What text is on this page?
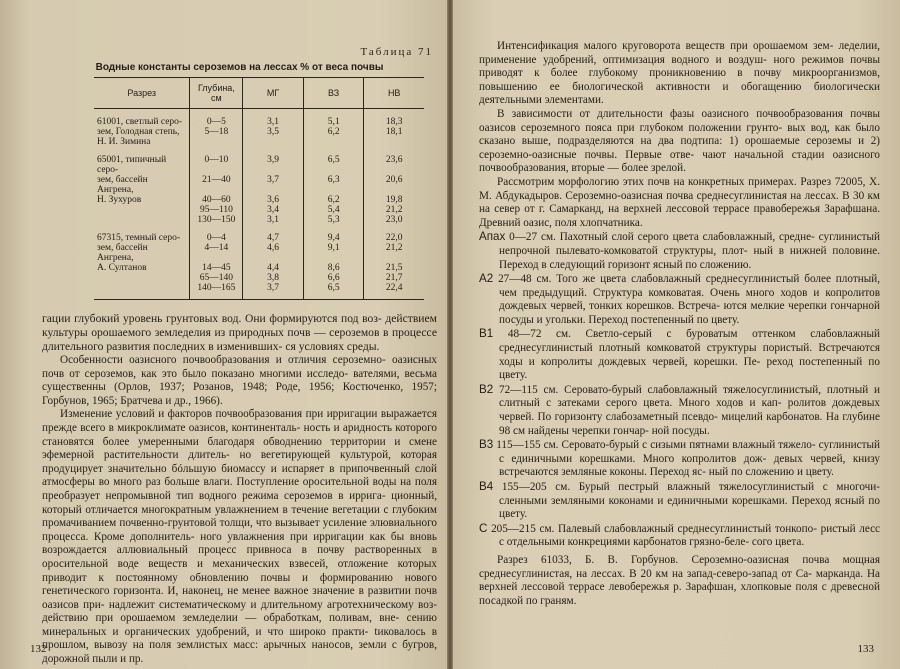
Таблица 71
Водные константы сероземов на лессах % от веса почвы
Разрез	Глубина, см	МГ	ВЗ	НВ
61001, светлый серо-	0—5	3,1	5,1	18,3
зем, Голодная степь,	5—18	3,5	6,2	18,1
Н. И. Зимина				
65001, типичный серо-	0—10	3,9	6,5	23,6
зем, бассейн Ангрена,	21—40	3,7	6,3	20,6
Н. Зухуров	40—60	3,6	6,2	19,8
	95—110	3,4	5,4	21,2
	130—150	3,1	5,3	23,0
67315, темный серо-	0—4	4,7	9,4	22,0
зем, бассейн Ангрена,	4—14	4,6	9,1	21,2
А. Султанов	14—45	4,4	8,6	21,5
	65—140	3,8	6,6	21,7
	140—165	3,7	6,5	22,4

гации глубокий уровень грунтовых вод. Они формируются под воз- действием культуры орошаемого земледелия из природных почв — сероземов в процессе длительного развития последних в изменивших- ся условиях среды.

Особенности оазисного почвообразования и отличия сероземно- оазисных почв от сероземов, как это было показано многими исследо- вателями, весьма существенны (Орлов, 1937; Розанов, 1948; Роде, 1956; Костюченко, 1957; Горбунов, 1965; Братчева и др., 1966).

Изменение условий и факторов почвообразования при ирригации выражается прежде всего в микроклимате оазисов, континенталь- ность и аридность которого становятся более умеренными благодаря обводнению территории и смене эфемерной растительности длитель- но вегетирующей культурой, которая продуцирует значительно бóльшую биомассу и испаряет в припочвенный слой атмосферы во много раз больше влаги. Поступление оросительной воды на поля преобразует непромывной тип водного режима сероземов в ирригa- ционный, который отличается многократным увлажнением в течение вегетации с глубоким промачиванием почвенно-грунтовой толщи, что вызывает усиление элювиального процесса. Кроме дополнитель- ного увлажнения при ирригации как бы вновь возрождается аллювиальный процесс привноса в почву растворенных в оросительной воде веществ и механических взвесей, отложение которых приводит к постоянному обновлению почвы и формированию нового генетического горизонта. И, наконец, не менее важное значение в развитии почв оазисов при- надлежит систематическому и длительному агротехническому воз- действию при орошаемом земледелии — обработкам, поливам, вне- сению минеральных и органических удобрений, и что широко практи- tиковалось в прошлом, вывозу на поля землистых масс: арычных наносов, земли с бугров, дорожной пыли и пр.

132

Интенсификация малого круговорота веществ при орошаемом зем- леделии, применение удобрений, оптимизация водного и воздуш- ного режимов почвы приводят к более глубокому проникновению в почву микроорганизмов, повышению ее биологической активности и обогащению биологически деятельными элементами.

В зависимости от длительности фазы оазисного почвообразования почвы оазисов сероземного пояса при глубоком положении грунто- вых вод, как было сказано выше, подразделяются на два подтипа: 1) орошаемые сероземы и 2) сероземно-оазисные почвы. Первые отве- чают начальной стадии оазисного почвообразования, вторые — более зрелой.

Рассмотрим морфологию этих почв на конкретных примерах. Разрез 72005, Х. М. Абдукадыров. Сероземно-оазисная почва среднесуглинистая на лессах. В 30 км на север от г. Самарканд, на верхней лессовой террасе правобережья Зарафшана. Древний оазис, поля хлопчатника.

Апах 0—27 см. Пахотный слой серого цвета слабовлажный, средне- суглинистый непрочной пылевато-комковатой структуры, плот- ный в нижней половине. Переход в следующий горизонт ясный по сложению.

А2 27—48 см. Того же цвета слабовлажный среднесуглинистый более плотный, чем предыдущий. Структура комковатая. Очень много ходов и копролитов дождевых червей, тонких корешков. Встреча- ются мелкие черепки гончарной посуды и угольки. Переход постепенный по цвету.

В1 48—72 см. Светло-серый с буроватым оттенком слабовлажный среднесуглинистый плотный комковатой структуры пористый. Встречаются ходы и копролиты дождевых червей, корешки. Пе- реход постепенный по цвету.

В2 72—115 см. Серовато-бурый слабовлажный тяжелосуглинистый, плотный и слитный с затеками серого цвета. Много ходов и кап- ролитов дождевых червей. По горизонту слабозаметный псевдо- мицелий карбонатов. На глубине 98 см найдены черепки гончар- ной посуды.

В3 115—155 см. Серовато-бурый с сизыми пятнами влажный тяжело- суглинистый с единичными корешками. Много копролитов дож- девых червей, книзу встречаются земляные коконы. Переход яс- ный по сложению и цвету.

В4 155—205 см. Бурый пестрый влажный тяжелосуглинистый с многочи- сленными земляными коконами и единичными корешками. Переход ясный по цвету.

С 205—215 см. Палевый слабовлажный среднесуглинистый тонкопо- ристый лесс с отдельными конкрециями карбонатов грязно-беле- сого цвета.

Разрез 61033, Б. В. Горбунов. Сероземно-оазисная почва мощная среднесуглинистая, на лессах. В 20 км на запад-северо-запад от Са- марканда. На верхней лессовой террасе левобережья р. Зарафшан, хлопковые поля с древесной посадкой по граням.

133
